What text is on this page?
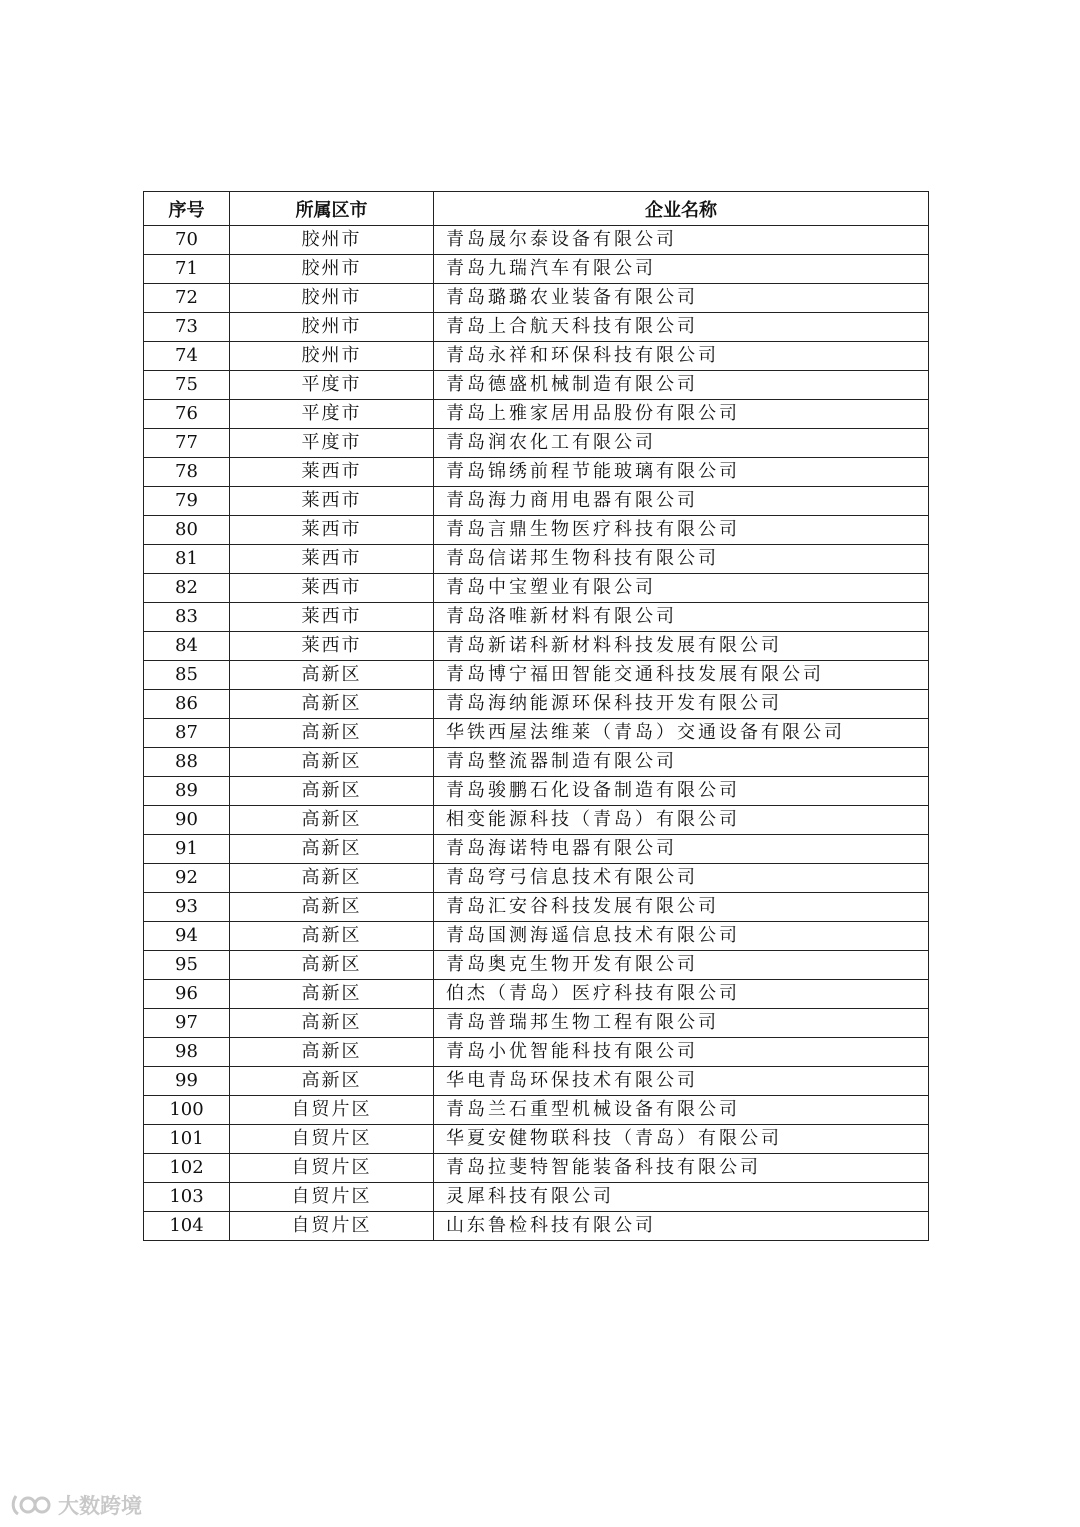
序号	所属区市	企业名称
70	胶州市	青岛晟尔泰设备有限公司
71	胶州市	青岛九瑞汽车有限公司
72	胶州市	青岛璐璐农业装备有限公司
73	胶州市	青岛上合航天科技有限公司
74	胶州市	青岛永祥和环保科技有限公司
75	平度市	青岛德盛机械制造有限公司
76	平度市	青岛上雅家居用品股份有限公司
77	平度市	青岛润农化工有限公司
78	莱西市	青岛锦绣前程节能玻璃有限公司
79	莱西市	青岛海力商用电器有限公司
80	莱西市	青岛言鼎生物医疗科技有限公司
81	莱西市	青岛信诺邦生物科技有限公司
82	莱西市	青岛中宝塑业有限公司
83	莱西市	青岛洛唯新材料有限公司
84	莱西市	青岛新诺科新材料科技发展有限公司
85	高新区	青岛博宁福田智能交通科技发展有限公司
86	高新区	青岛海纳能源环保科技开发有限公司
87	高新区	华铁西屋法维莱（青岛）交通设备有限公司
88	高新区	青岛整流器制造有限公司
89	高新区	青岛骏鹏石化设备制造有限公司
90	高新区	相变能源科技（青岛）有限公司
91	高新区	青岛海诺特电器有限公司
92	高新区	青岛穹弓信息技术有限公司
93	高新区	青岛汇安谷科技发展有限公司
94	高新区	青岛国测海遥信息技术有限公司
95	高新区	青岛奥克生物开发有限公司
96	高新区	伯杰（青岛）医疗科技有限公司
97	高新区	青岛普瑞邦生物工程有限公司
98	高新区	青岛小优智能科技有限公司
99	高新区	华电青岛环保技术有限公司
100	自贸片区	青岛兰石重型机械设备有限公司
101	自贸片区	华夏安健物联科技（青岛）有限公司
102	自贸片区	青岛拉斐特智能装备科技有限公司
103	自贸片区	灵犀科技有限公司
104	自贸片区	山东鲁检科技有限公司
大数跨境
